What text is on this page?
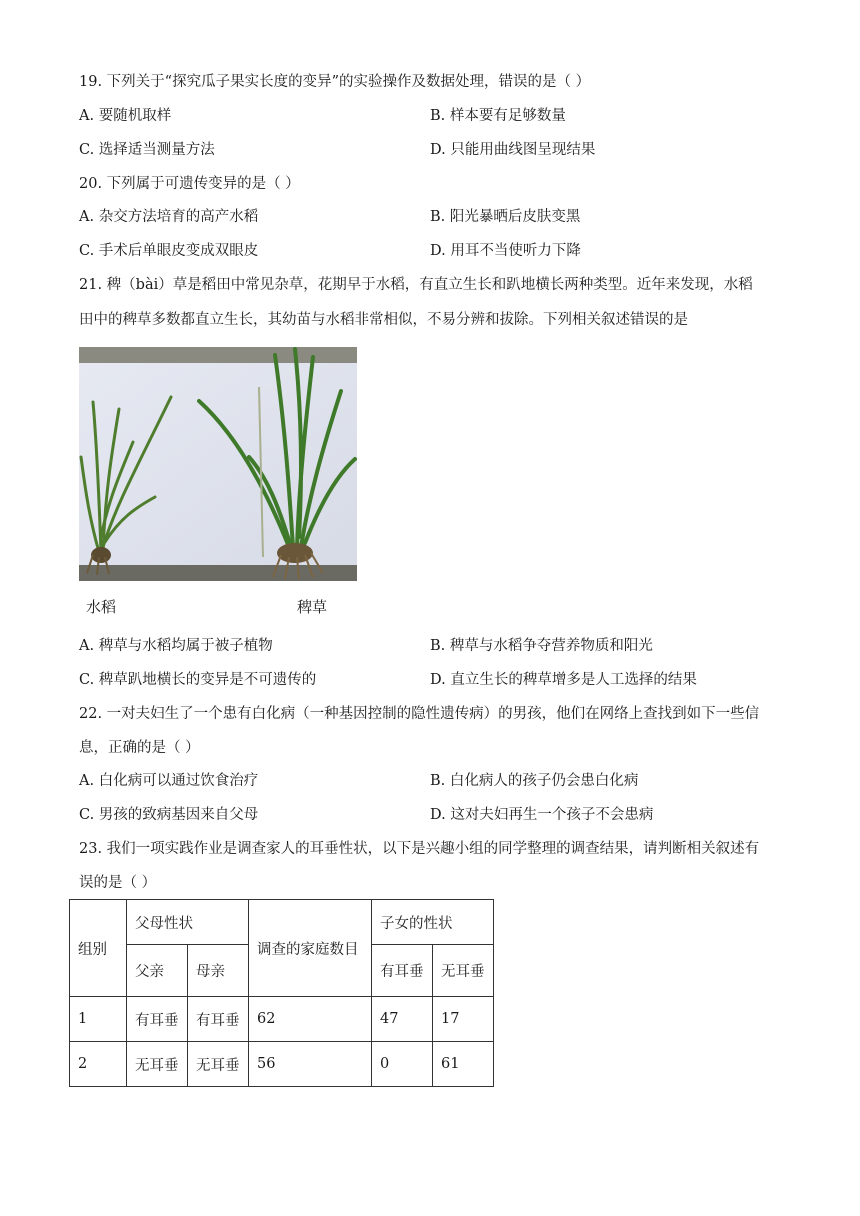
19. 下列关于“探究瓜子果实长度的变异”的实验操作及数据处理，错误的是（ ）
A. 要随机取样	B. 样本要有足够数量
C. 选择适当测量方法	D. 只能用曲线图呈现结果
20. 下列属于可遗传变异的是（ ）
A. 杂交方法培育的高产水稻	B. 阳光暴晒后皮肤变黑
C. 手术后单眼皮变成双眼皮	D. 用耳不当使听力下降
21. 稗（bài）草是稻田中常见杂草，花期早于水稻，有直立生长和趴地横长两种类型。近年来发现，水稻
田中的稗草多数都直立生长，其幼苗与水稻非常相似，不易分辨和拔除。下列相关叙述错误的是
水稻	稗草
A. 稗草与水稻均属于被子植物	B. 稗草与水稻争夺营养物质和阳光
C. 稗草趴地横长的变异是不可遗传的	D. 直立生长的稗草增多是人工选择的结果
22. 一对夫妇生了一个患有白化病（一种基因控制的隐性遗传病）的男孩，他们在网络上查找到如下一些信
息，正确的是（ ）
A. 白化病可以通过饮食治疗	B. 白化病人的孩子仍会患白化病
C. 男孩的致病基因来自父母	D. 这对夫妇再生一个孩子不会患病
23. 我们一项实践作业是调查家人的耳垂性状，以下是兴趣小组的同学整理的调查结果，请判断相关叙述有
误的是（ ）
组别	父母性状		调查的家庭数目	子女的性状	
	父亲	母亲		有耳垂	无耳垂
1	有耳垂	有耳垂	62	47	17
2	无耳垂	无耳垂	56	0	61
